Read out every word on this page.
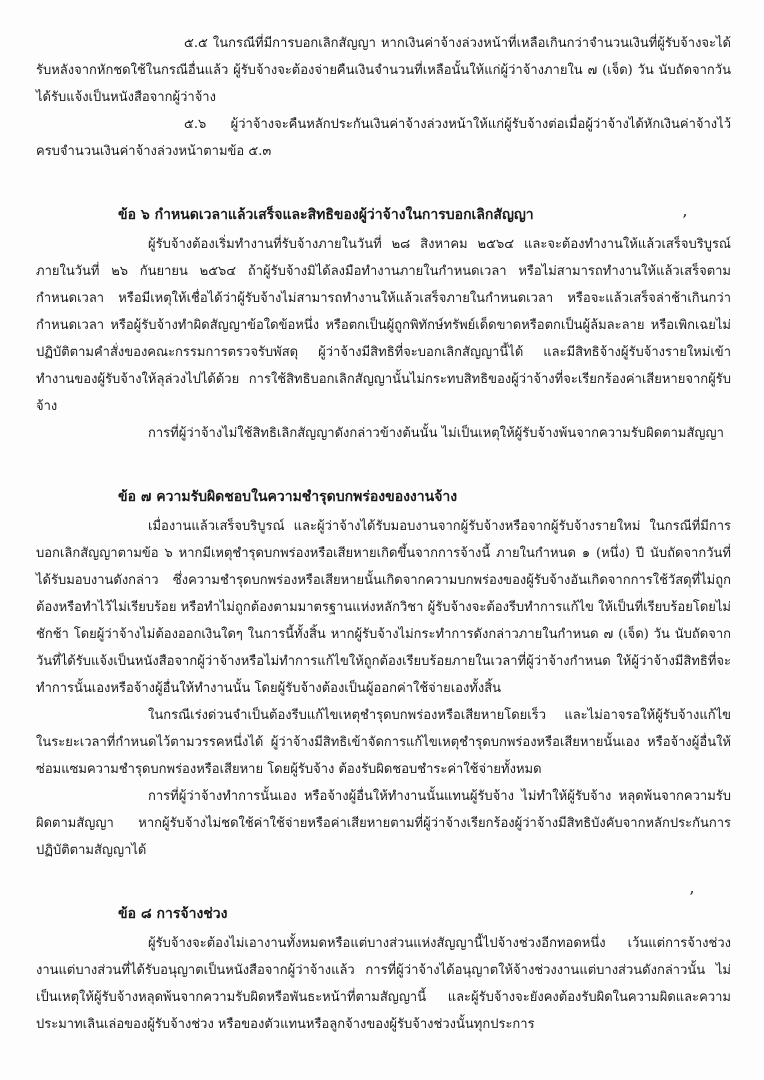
,
,

๕.๕ ในกรณีที่มีการบอกเลิกสัญญา หากเงินค่าจ้างล่วงหน้าที่เหลือเกินกว่าจำนวนเงินที่ผู้รับจ้างจะได้รับหลังจากหักชดใช้ในกรณีอื่นแล้ว ผู้รับจ้างจะต้องจ่ายคืนเงินจำนวนที่เหลือนั้นให้แก่ผู้ว่าจ้างภายใน ๗ (เจ็ด) วัน นับถัดจากวันได้รับแจ้งเป็นหนังสือจากผู้ว่าจ้าง

๕.๖ ผู้ว่าจ้างจะคืนหลักประกันเงินค่าจ้างล่วงหน้าให้แก่ผู้รับจ้างต่อเมื่อผู้ว่าจ้างได้หักเงินค่าจ้างไว้ครบจำนวนเงินค่าจ้างล่วงหน้าตามข้อ ๕.๓

ข้อ ๖ กำหนดเวลาแล้วเสร็จและสิทธิของผู้ว่าจ้างในการบอกเลิกสัญญา

ผู้รับจ้างต้องเริ่มทำงานที่รับจ้างภายในวันที่ ๒๘ สิงหาคม ๒๕๖๔ และจะต้องทำงานให้แล้วเสร็จบริบูรณ์ภายในวันที่ ๒๖ กันยายน ๒๕๖๔ ถ้าผู้รับจ้างมิได้ลงมือทำงานภายในกำหนดเวลา หรือไม่สามารถทำงานให้แล้วเสร็จตามกำหนดเวลา หรือมีเหตุให้เชื่อได้ว่าผู้รับจ้างไม่สามารถทำงานให้แล้วเสร็จภายในกำหนดเวลา หรือจะแล้วเสร็จล่าช้าเกินกว่ากำหนดเวลา หรือผู้รับจ้างทำผิดสัญญาข้อใดข้อหนึ่ง หรือตกเป็นผู้ถูกพิทักษ์ทรัพย์เด็ดขาดหรือตกเป็นผู้ล้มละลาย หรือเพิกเฉยไม่ปฏิบัติตามคำสั่งของคณะกรรมการตรวจรับพัสดุ ผู้ว่าจ้างมีสิทธิที่จะบอกเลิกสัญญานี้ได้ และมีสิทธิจ้างผู้รับจ้างรายใหม่เข้าทำงานของผู้รับจ้างให้ลุล่วงไปได้ด้วย การใช้สิทธิบอกเลิกสัญญานั้นไม่กระทบสิทธิของผู้ว่าจ้างที่จะเรียกร้องค่าเสียหายจากผู้รับจ้าง

การที่ผู้ว่าจ้างไม่ใช้สิทธิเลิกสัญญาดังกล่าวข้างต้นนั้น ไม่เป็นเหตุให้ผู้รับจ้างพ้นจากความรับผิดตามสัญญา

ข้อ ๗ ความรับผิดชอบในความชำรุดบกพร่องของงานจ้าง

เมื่องานแล้วเสร็จบริบูรณ์ และผู้ว่าจ้างได้รับมอบงานจากผู้รับจ้างหรือจากผู้รับจ้างรายใหม่ ในกรณีที่มีการบอกเลิกสัญญาตามข้อ ๖ หากมีเหตุชำรุดบกพร่องหรือเสียหายเกิดขึ้นจากการจ้างนี้ ภายในกำหนด ๑ (หนึ่ง) ปี นับถัดจากวันที่ได้รับมอบงานดังกล่าว ซึ่งความชำรุดบกพร่องหรือเสียหายนั้นเกิดจากความบกพร่องของผู้รับจ้างอันเกิดจากการใช้วัสดุที่ไม่ถูกต้องหรือทำไว้ไม่เรียบร้อย หรือทำไม่ถูกต้องตามมาตรฐานแห่งหลักวิชา ผู้รับจ้างจะต้องรีบทำการแก้ไข ให้เป็นที่เรียบร้อยโดยไม่ชักช้า โดยผู้ว่าจ้างไม่ต้องออกเงินใดๆ ในการนี้ทั้งสิ้น หากผู้รับจ้างไม่กระทำการดังกล่าวภายในกำหนด ๗ (เจ็ด) วัน นับถัดจากวันที่ได้รับแจ้งเป็นหนังสือจากผู้ว่าจ้างหรือไม่ทำการแก้ไขให้ถูกต้องเรียบร้อยภายในเวลาที่ผู้ว่าจ้างกำหนด ให้ผู้ว่าจ้างมีสิทธิที่จะทำการนั้นเองหรือจ้างผู้อื่นให้ทำงานนั้น โดยผู้รับจ้างต้องเป็นผู้ออกค่าใช้จ่ายเองทั้งสิ้น

ในกรณีเร่งด่วนจำเป็นต้องรีบแก้ไขเหตุชำรุดบกพร่องหรือเสียหายโดยเร็ว และไม่อาจรอให้ผู้รับจ้างแก้ไขในระยะเวลาที่กำหนดไว้ตามวรรคหนึ่งได้ ผู้ว่าจ้างมีสิทธิเข้าจัดการแก้ไขเหตุชำรุดบกพร่องหรือเสียหายนั้นเอง หรือจ้างผู้อื่นให้ซ่อมแซมความชำรุดบกพร่องหรือเสียหาย โดยผู้รับจ้าง ต้องรับผิดชอบชำระค่าใช้จ่ายทั้งหมด

การที่ผู้ว่าจ้างทำการนั้นเอง หรือจ้างผู้อื่นให้ทำงานนั้นแทนผู้รับจ้าง ไม่ทำให้ผู้รับจ้าง หลุดพ้นจากความรับผิดตามสัญญา หากผู้รับจ้างไม่ชดใช้ค่าใช้จ่ายหรือค่าเสียหายตามที่ผู้ว่าจ้างเรียกร้องผู้ว่าจ้างมีสิทธิบังคับจากหลักประกันการปฏิบัติตามสัญญาได้

ข้อ ๘ การจ้างช่วง

ผู้รับจ้างจะต้องไม่เอางานทั้งหมดหรือแต่บางส่วนแห่งสัญญานี้ไปจ้างช่วงอีกทอดหนึ่ง เว้นแต่การจ้างช่วงงานแต่บางส่วนที่ได้รับอนุญาตเป็นหนังสือจากผู้ว่าจ้างแล้ว การที่ผู้ว่าจ้างได้อนุญาตให้จ้างช่วงงานแต่บางส่วนดังกล่าวนั้น ไม่เป็นเหตุให้ผู้รับจ้างหลุดพ้นจากความรับผิดหรือพันธะหน้าที่ตามสัญญานี้ และผู้รับจ้างจะยังคงต้องรับผิดในความผิดและความประมาทเลินเล่อของผู้รับจ้างช่วง หรือของตัวแทนหรือลูกจ้างของผู้รับจ้างช่วงนั้นทุกประการ
